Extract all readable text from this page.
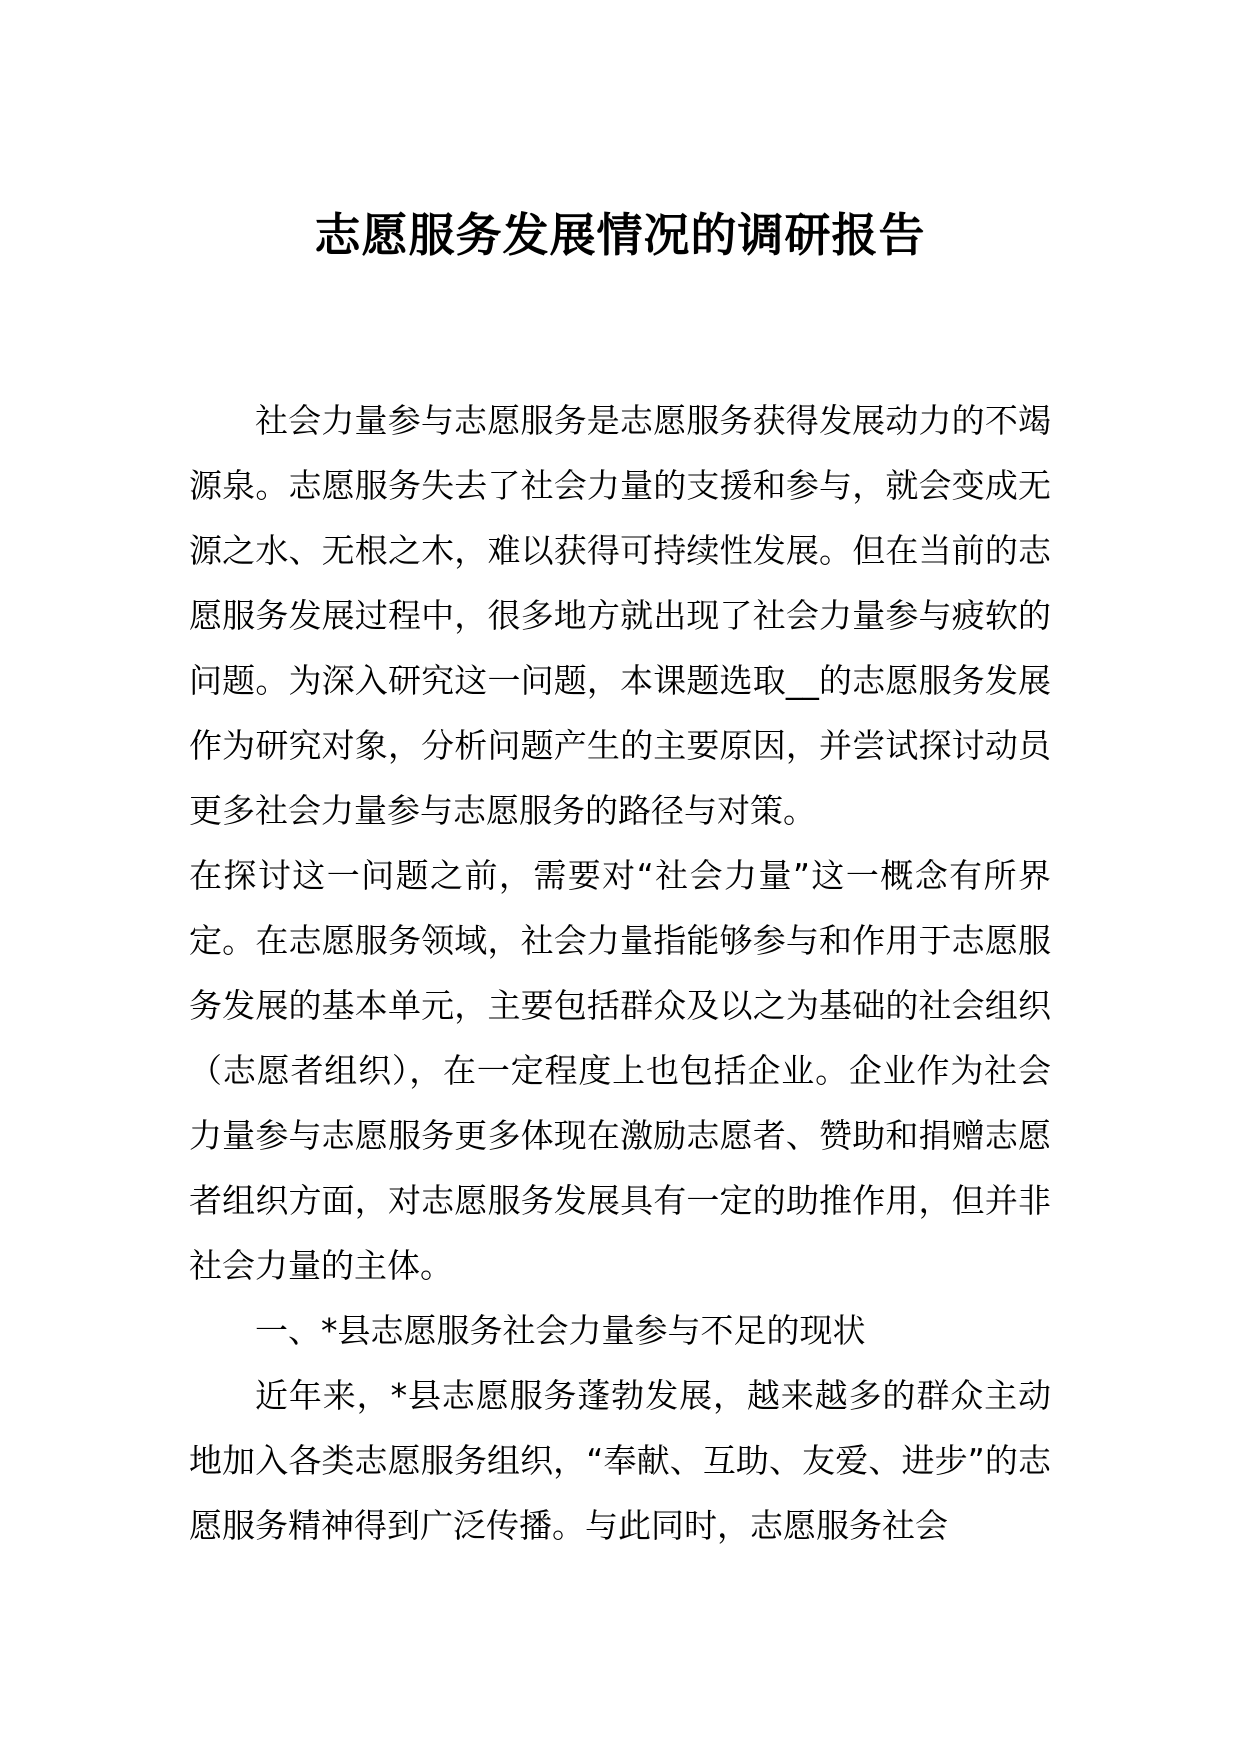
志愿服务发展情况的调研报告

社会力量参与志愿服务是志愿服务获得发展动力的不竭源泉。志愿服务失去了社会力量的支援和参与，就会变成无源之水、无根之木，难以获得可持续性发展。但在当前的志愿服务发展过程中，很多地方就出现了社会力量参与疲软的问题。为深入研究这一问题，本课题选取__的志愿服务发展作为研究对象，分析问题产生的主要原因，并尝试探讨动员更多社会力量参与志愿服务的路径与对策。

在探讨这一问题之前，需要对“社会力量”这一概念有所界定。在志愿服务领域，社会力量指能够参与和作用于志愿服务发展的基本单元，主要包括群众及以之为基础的社会组织（志愿者组织），在一定程度上也包括企业。企业作为社会力量参与志愿服务更多体现在激励志愿者、赞助和捐赠志愿者组织方面，对志愿服务发展具有一定的助推作用，但并非社会力量的主体。

一、*县志愿服务社会力量参与不足的现状

近年来，*县志愿服务蓬勃发展，越来越多的群众主动地加入各类志愿服务组织，“奉献、互助、友爱、进步”的志愿服务精神得到广泛传播。与此同时，志愿服务社会
